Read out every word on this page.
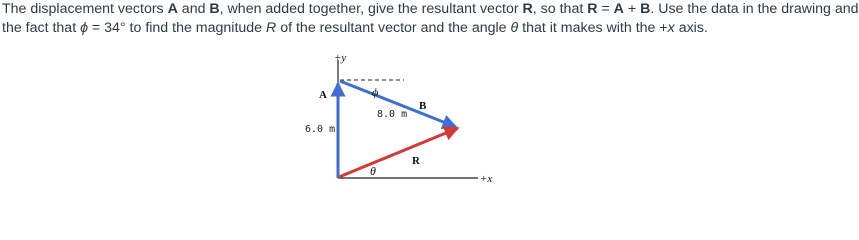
The displacement vectors A and B, when added together, give the resultant vector R, so that R = A + B. Use the data in the drawing and
the fact that ϕ = 34° to find the magnitude R of the resultant vector and the angle θ that it makes with the +x axis.

+y
+x
A
B
R
ϕ
θ
6.0 m
8.0 m
